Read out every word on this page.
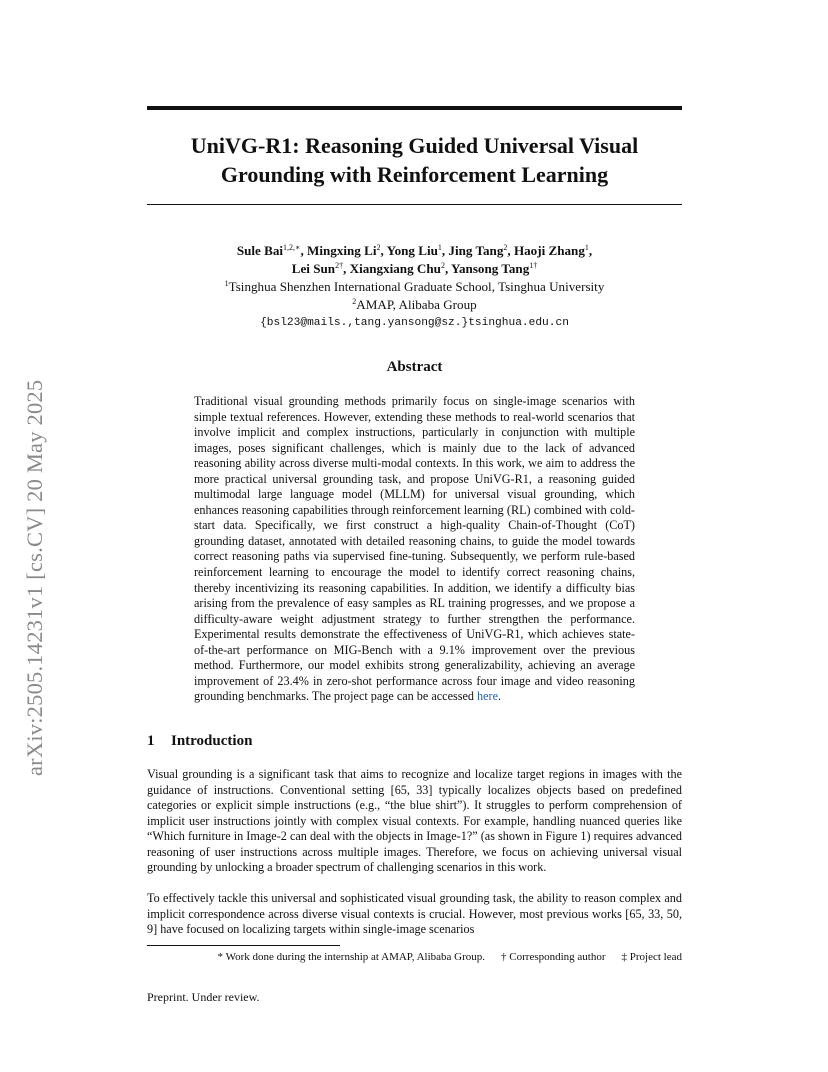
arXiv:2505.14231v1 [cs.CV] 20 May 2025
UniVG-R1: Reasoning Guided Universal Visual
Grounding with Reinforcement Learning
Sule Bai$^{1,2,∗}$, Mingxing Li$^2$, Yong Liu$^1$, Jing Tang$^2$, Haoji Zhang$^1$,
Lei Sun$^{2\dagger}$, Xiangxiang Chu$^2$, Yansong Tang$^{1\dagger}$
$^1$Tsinghua Shenzhen International Graduate School, Tsinghua University
$^2$AMAP, Alibaba Group
{bsl23@mails.,tang.yansong@sz.}tsinghua.edu.cn
Abstract
Traditional visual grounding methods primarily focus on single-image scenarios with simple textual references. However, extending these methods to real-world scenarios that involve implicit and complex instructions, particularly in conjunction with multiple images, poses significant challenges, which is mainly due to the lack of advanced reasoning ability across diverse multi-modal contexts. In this work, we aim to address the more practical universal grounding task, and propose UniVG-R1, a reasoning guided multimodal large language model (MLLM) for universal visual grounding, which enhances reasoning capabilities through reinforcement learning (RL) combined with cold-start data. Specifically, we first construct a high-quality Chain-of-Thought (CoT) grounding dataset, annotated with detailed reasoning chains, to guide the model towards correct reasoning paths via supervised fine-tuning. Subsequently, we perform rule-based reinforcement learning to encourage the model to identify correct reasoning chains, thereby incentivizing its reasoning capabilities. In addition, we identify a difficulty bias arising from the prevalence of easy samples as RL training progresses, and we propose a difficulty-aware weight adjustment strategy to further strengthen the performance. Experimental results demonstrate the effectiveness of UniVG-R1, which achieves state-of-the-art performance on MIG-Bench with a 9.1% improvement over the previous method. Furthermore, our model exhibits strong generalizability, achieving an average improvement of 23.4% in zero-shot performance across four image and video reasoning grounding benchmarks. The project page can be accessed here.
1 Introduction

Visual grounding is a significant task that aims to recognize and localize target regions in images with the guidance of instructions. Conventional setting [65, 33] typically localizes objects based on predefined categories or explicit simple instructions (e.g., “the blue shirt”). It struggles to perform comprehension of implicit user instructions jointly with complex visual contexts. For example, handling nuanced queries like “Which furniture in Image-2 can deal with the objects in Image-1?” (as shown in Figure 1) requires advanced reasoning of user instructions across multiple images. Therefore, we focus on achieving universal visual grounding by unlocking a broader spectrum of challenging scenarios in this work.

To effectively tackle this universal and sophisticated visual grounding task, the ability to reason complex and implicit correspondence across diverse visual contexts is crucial. However, most previous works [65, 33, 50, 9] have focused on localizing targets within single-image scenarios

* Work done during the internship at AMAP, Alibaba Group. † Corresponding author ‡ Project lead
Preprint. Under review.
